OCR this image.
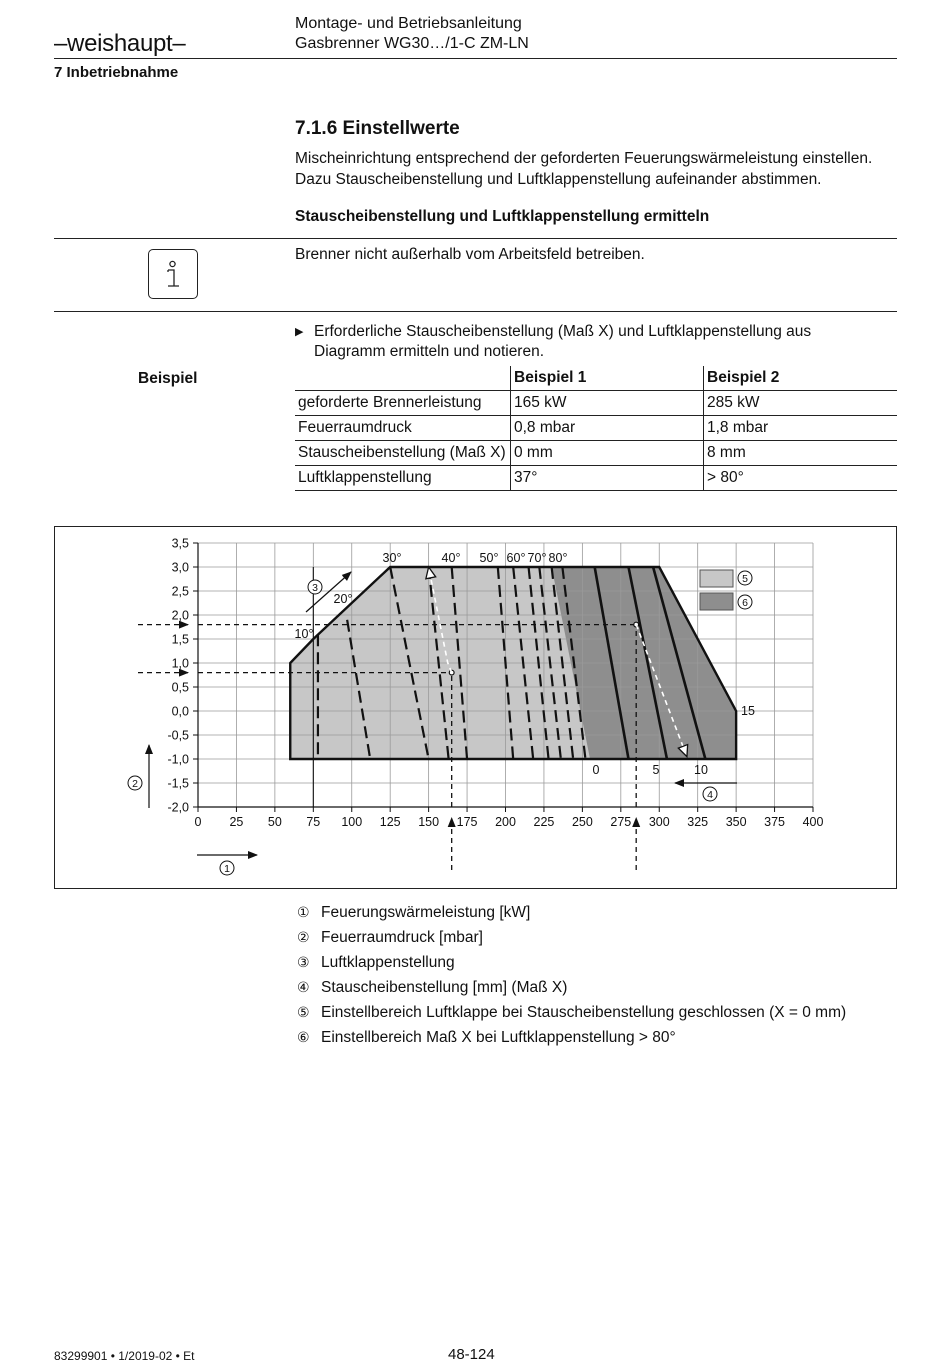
–weishaupt–
Montage- und Betriebsanleitung
Gasbrenner WG30…/1-C ZM-LN
7 Inbetriebnahme
7.1.6 Einstellwerte
Mischeinrichtung entsprechend der geforderten Feuerungswärmeleistung einstellen. Dazu Stauscheibenstellung und Luftklappenstellung aufeinander abstimmen.
Stauscheibenstellung und Luftklappenstellung ermitteln
Brenner nicht außerhalb vom Arbeitsfeld betreiben.
▶ Erforderliche Stauscheibenstellung (Maß X) und Luftklappenstellung aus Diagramm ermitteln und notieren.
Beispiel
		Beispiel 1	Beispiel 2
geforderte Brennerleistung	165 kW	285 kW
Feuerraumdruck	0,8 mbar	1,8 mbar
Stauscheibenstellung (Maß X)	0 mm	8 mm
Luftklappenstellung	37°	> 80°
0 25 50 75 100 125 150 175 200 225 250 275 300 325 350 375 400
3,5
3,0
2,5
2,0
1,5
1,0
0,5
0,0
-0,5
-1,0
-1,5
-2,0
10°
20°
30°	40° 50° 60° 70° 80°
0	5	10
15
1
2
3
4
5
6
① Feuerungswärmeleistung [kW]
② Feuerraumdruck [mbar]
③ Luftklappenstellung
④ Stauscheibenstellung [mm] (Maß X)
⑤ Einstellbereich Luftklappe bei Stauscheibenstellung geschlossen (X = 0 mm)
⑥ Einstellbereich Maß X bei Luftklappenstellung > 80°
83299901 • 1/2019-02 • Et	48-124
